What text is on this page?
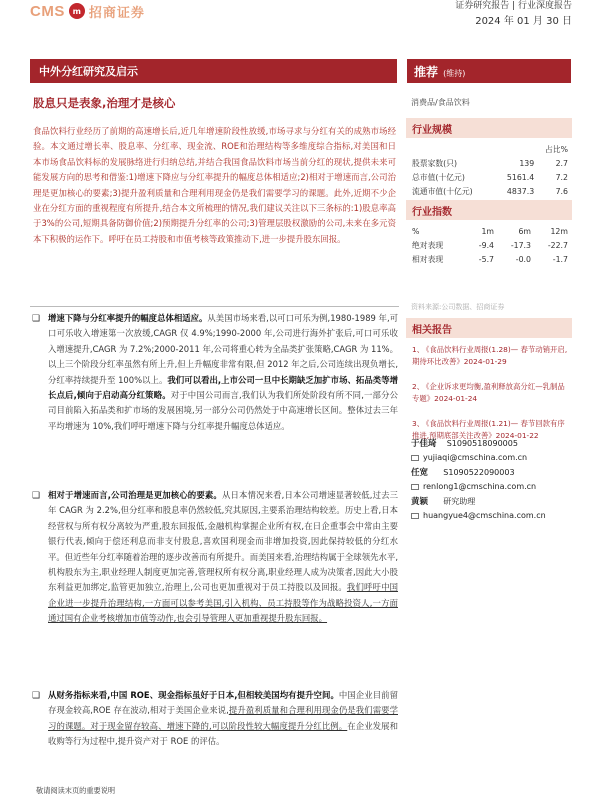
CMS m 招商证券	证券研究报告 | 行业深度报告
2024 年 01 月 30 日
中外分红研究及启示	推荐 (维持)
股息只是表象,治理才是核心	消费品/食品饮料
食品饮料行业经历了前期的高速增长后,近几年增速阶段性放缓,市场寻求与分红有关的成熟市场经验。本文通过增长率、股息率、分红率、现金流、ROE和治理结构等多维度综合指标,对美国和日本市场食品饮料标的发展脉络进行归纳总结,并结合我国食品饮料市场当前分红的现状,提供未来可能发展方向的思考和借鉴:1)增速下降应与分红率提升的幅度总体相适应;2)相对于增速而言,公司治理是更加核心的要素;3)提升盈利质量和合理利用现金仍是我们需要学习的课题。此外,近期不少企业在分红方面的重视程度有所提升,结合本文所梳理的情况,我们建议关注以下三条标的:1)股息率高于3%的公司,短期具备防御价值;2)预期提升分红率的公司;3)管理层股权激励的公司,未来在多元资本下积极的运作下。呼吁在员工持股和市值考核等政策推动下,进一步提升股东回报。
行业规模
		占比%
股票家数(只)	139	2.7
总市值(十亿元)	5161.4	7.2
流通市值(十亿元)	4837.3	7.6
行业指数
%	1m	6m	12m
绝对表现	-9.4	-17.3	-22.7
相对表现	-5.7	-0.0	-1.7
资料来源:公司数据、招商证券
相关报告
1、《食品饮料行业周报(1.28)— 春节动销开启,期待环比改善》2024-01-29
2、《企业诉求更均衡,盈利释放高分红—乳制品专题》2024-01-24
3、《食品饮料行业周报(1.21)— 春节回款有序推进,预期底部关注改善》2024-01-22
于佳琦 S1090518090005
yujiaqi@cmschina.com.cn
任宽 S1090522090003
renlong1@cmschina.com.cn
黄颖 研究助理
huangyue4@cmschina.com.cn
❑ 增速下降与分红率提升的幅度总体相适应。从美国市场来看,以可口可乐为例,1980-1989 年,可口可乐收入增速第一次放缓,CAGR 仅 4.9%;1990-2000 年,公司进行海外扩张后,可口可乐收入增速提升,CAGR 为 7.2%;2000-2011 年,公司将重心转为全品类扩张策略,CAGR 为 11%。以上三个阶段分红率虽然有所上升,但上升幅度非常有限,但 2012 年之后,公司连续出现负增长,分红率持续提升至 100%以上。我们可以看出,上市公司一旦中长期缺乏加扩市场、拓品类等增长点后,倾向于启动高分红策略。对于中国公司而言,我们认为我们所处阶段有所不同,一部分公司目前陷入拓品类和扩市场的发展困境,另一部分公司仍然处于中高速增长区间。整体过去三年平均增速为 10%,我们呼吁增速下降与分红率提升幅度总体适应。
❑ 相对于增速而言,公司治理是更加核心的要素。从日本情况来看,日本公司增速显著较低,过去三年 CAGR 为 2.2%,但分红率和股息率仍然较低,究其原因,主要系治理结构较差。历史上看,日本经营权与所有权分离较为严重,股东回报低,金融机构掌握企业所有权,在日企重事会中常由主要银行代表,倾向于偿还利息而非支付股息,喜欢国利现金而非增加投资,因此保持较低的分红水平。但近些年分红率随着治理的逐步改善而有所提升。而美国来看,治理结构属于全球领先水平,机构股东为主,职业经理人制度更加完善,管理权所有权分离,职业经理人成为决策者,因此大小股东利益更加绑定,监管更加独立,治理上,公司也更加重视对于员工持股以及回报。我们呼吁中国企业进一步提升治理结构,一方面可以参考美国,引入机构、员工持股等作为战略投资人,一方面通过国有企业考核增加市值等动作,也会引导管理人更加重视提升股东回报。
❑ 从财务指标来看,中国 ROE、现金指标虽好于日本,但相较美国均有提升空间。中国企业目前留存现金较高,ROE 存在波动,相对于美国企业来说,提升盈利质量和合理利用现金仍是我们需要学习的课题。对于现金留存较高、增速下降的,可以阶段性较大幅度提升分红比例。在企业发展和收购等行为过程中,提升资产对于 ROE 的评估。
敬请阅读末页的重要说明
